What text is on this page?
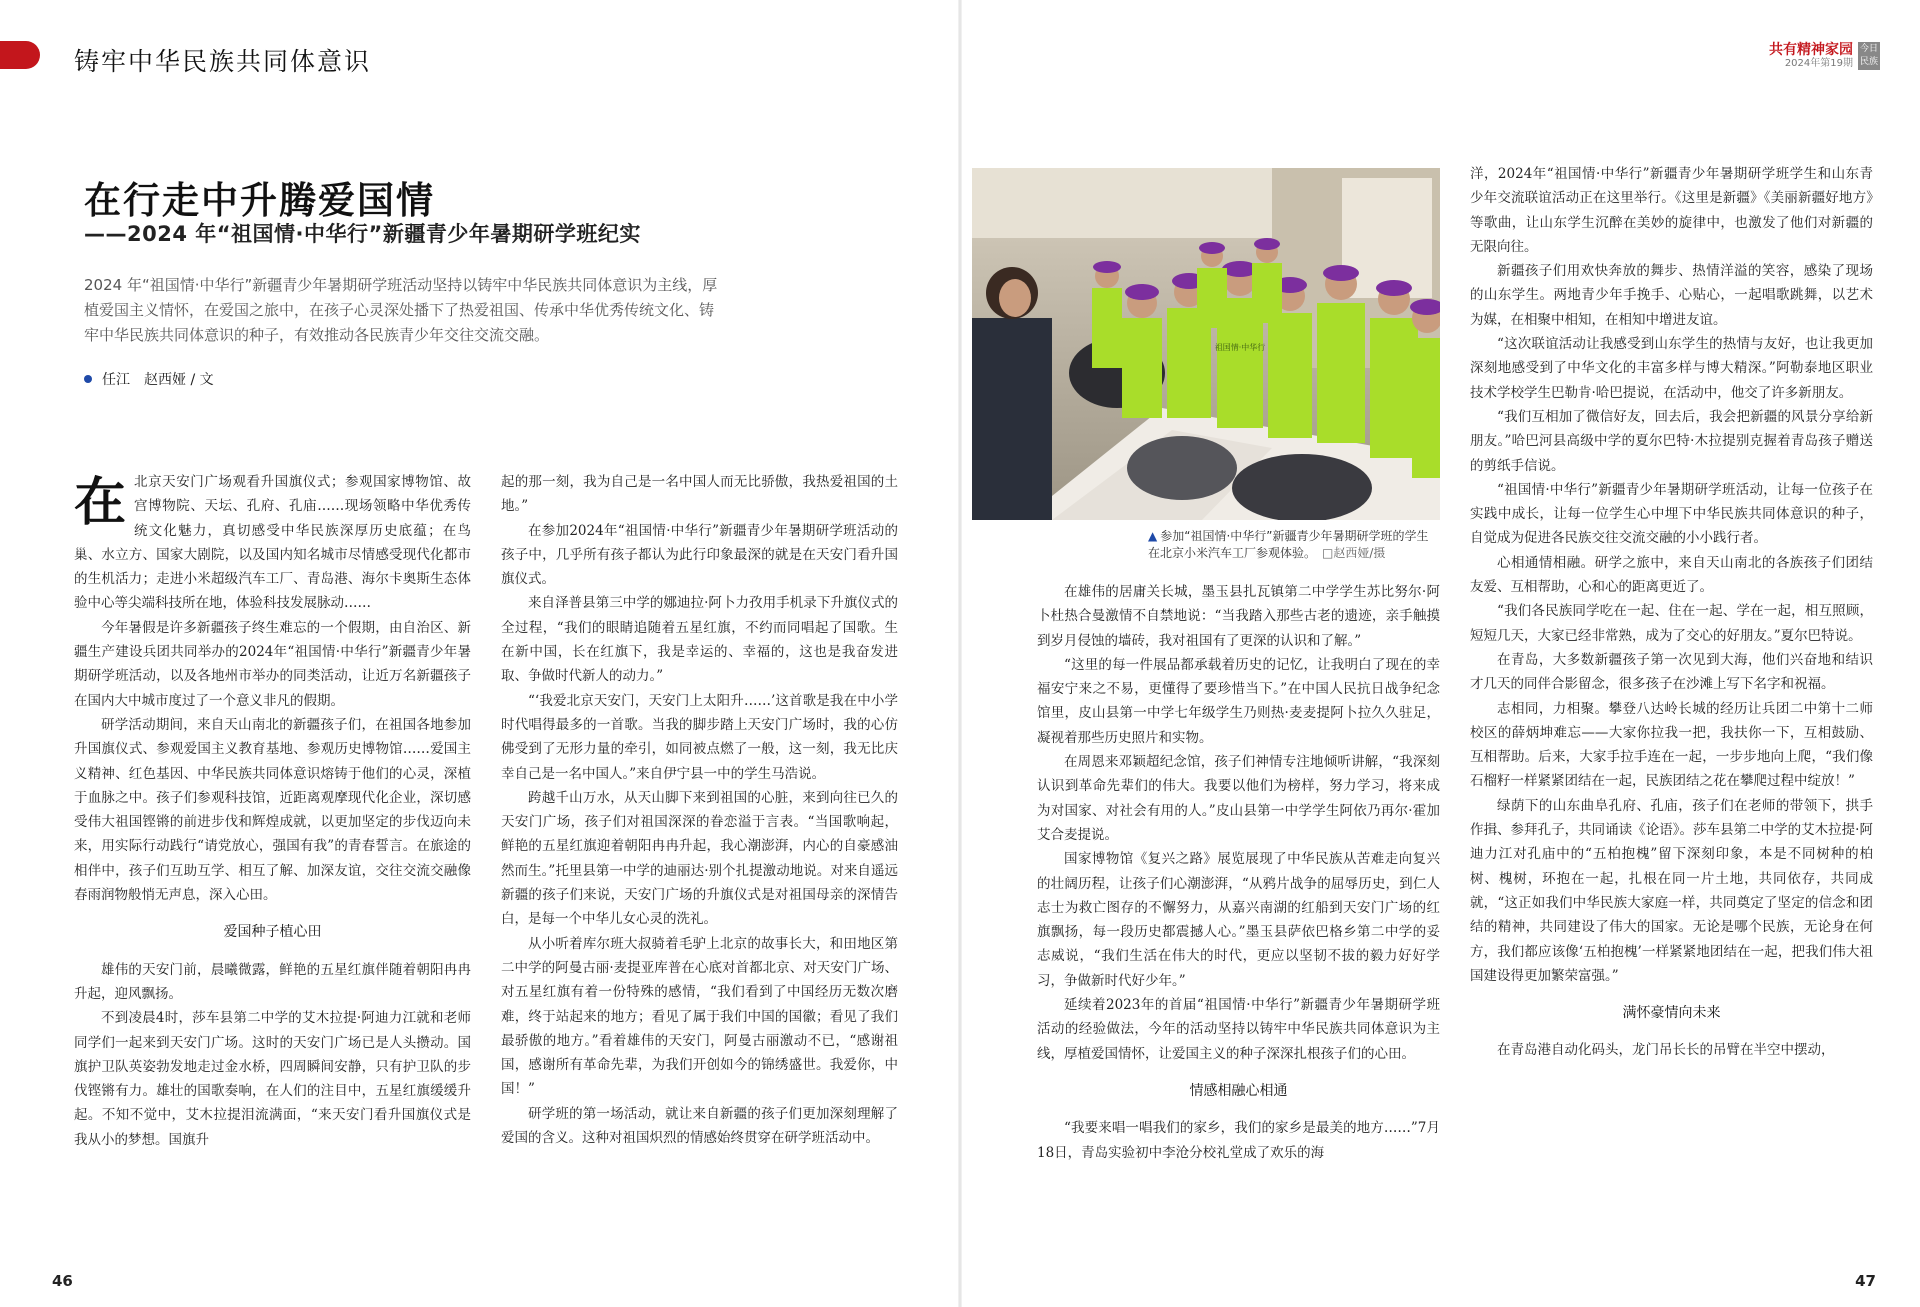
铸牢中华民族共同体意识	共有精神家园
2024年第19期
今日民族
在行走中升腾爱国情
——2024 年“祖国情·中华行”新疆青少年暑期研学班纪实

2024 年“祖国情·中华行”新疆青少年暑期研学班活动坚持以铸牢中华民族共同体意识为主线，厚植爱国主义情怀，在爱国之旅中，在孩子心灵深处播下了热爱祖国、传承中华优秀传统文化、铸牢中华民族共同体意识的种子，有效推动各民族青少年交往交流交融。

任江　赵西娅 / 文
在 北京天安门广场观看升国旗仪式；参观国家博物馆、故宫博物院、天坛、孔府、孔庙……现场领略中华优秀传统文化魅力，真切感受中华民族深厚历史底蕴；在鸟巢、水立方、国家大剧院，以及国内知名城市尽情感受现代化都市的生机活力；走进小米超级汽车工厂、青岛港、海尔卡奥斯生态体验中心等尖端科技所在地，体验科技发展脉动……

今年暑假是许多新疆孩子终生难忘的一个假期，由自治区、新疆生产建设兵团共同举办的2024年“祖国情·中华行”新疆青少年暑期研学班活动，以及各地州市举办的同类活动，让近万名新疆孩子在国内大中城市度过了一个意义非凡的假期。

研学活动期间，来自天山南北的新疆孩子们，在祖国各地参加升国旗仪式、参观爱国主义教育基地、参观历史博物馆……爱国主义精神、红色基因、中华民族共同体意识熔铸于他们的心灵，深植于血脉之中。孩子们参观科技馆，近距离观摩现代化企业，深切感受伟大祖国铿锵的前进步伐和辉煌成就，以更加坚定的步伐迈向未来，用实际行动践行“请党放心，强国有我”的青春誓言。在旅途的相伴中，孩子们互助互学、相互了解、加深友谊，交往交流交融像春雨润物般悄无声息，深入心田。

爱国种子植心田

雄伟的天安门前，晨曦微露，鲜艳的五星红旗伴随着朝阳冉冉升起，迎风飘扬。

不到凌晨4时，莎车县第二中学的艾木拉提·阿迪力江就和老师同学们一起来到天安门广场。这时的天安门广场已是人头攒动。国旗护卫队英姿勃发地走过金水桥，四周瞬间安静，只有护卫队的步伐铿锵有力。雄壮的国歌奏响，在人们的注目中，五星红旗缓缓升起。不知不觉中，艾木拉提泪流满面，“来天安门看升国旗仪式是我从小的梦想。国旗升

起的那一刻，我为自己是一名中国人而无比骄傲，我热爱祖国的土地。”

在参加2024年“祖国情·中华行”新疆青少年暑期研学班活动的孩子中，几乎所有孩子都认为此行印象最深的就是在天安门看升国旗仪式。

来自泽普县第三中学的娜迪拉·阿卜力孜用手机录下升旗仪式的全过程，“我们的眼睛追随着五星红旗，不约而同唱起了国歌。生在新中国，长在红旗下，我是幸运的、幸福的，这也是我奋发进取、争做时代新人的动力。”

“‘我爱北京天安门，天安门上太阳升……’这首歌是我在中小学时代唱得最多的一首歌。当我的脚步踏上天安门广场时，我的心仿佛受到了无形力量的牵引，如同被点燃了一般，这一刻，我无比庆幸自己是一名中国人。”来自伊宁县一中的学生马浩说。

跨越千山万水，从天山脚下来到祖国的心脏，来到向往已久的天安门广场，孩子们对祖国深深的眷恋溢于言表。“当国歌响起，鲜艳的五星红旗迎着朝阳冉冉升起，我心潮澎湃，内心的自豪感油然而生。”托里县第一中学的迪丽达·别个扎提激动地说。对来自遥远新疆的孩子们来说，天安门广场的升旗仪式是对祖国母亲的深情告白，是每一个中华儿女心灵的洗礼。

从小听着库尔班大叔骑着毛驴上北京的故事长大，和田地区第二中学的阿曼古丽·麦提亚库普在心底对首都北京、对天安门广场、对五星红旗有着一份特殊的感情，“我们看到了中国经历无数次磨难，终于站起来的地方；看见了属于我们中国的国徽；看见了我们最骄傲的地方。”看着雄伟的天安门，阿曼古丽激动不已，“感谢祖国，感谢所有革命先辈，为我们开创如今的锦绣盛世。我爱你，中国！”

研学班的第一场活动，就让来自新疆的孩子们更加深刻理解了爱国的含义。这种对祖国炽烈的情感始终贯穿在研学班活动中。

祖国情·中华行
▲ 参加“祖国情·中华行”新疆青少年暑期研学班的学生在北京小米汽车工厂参观体验。 □赵西娅/摄

在雄伟的居庸关长城，墨玉县扎瓦镇第二中学学生苏比努尔·阿卜杜热合曼激情不自禁地说：“当我踏入那些古老的遗迹，亲手触摸到岁月侵蚀的墙砖，我对祖国有了更深的认识和了解。”

“这里的每一件展品都承载着历史的记忆，让我明白了现在的幸福安宁来之不易，更懂得了要珍惜当下。”在中国人民抗日战争纪念馆里，皮山县第一中学七年级学生乃则热·麦麦提阿卜拉久久驻足，凝视着那些历史照片和实物。

在周恩来邓颖超纪念馆，孩子们神情专注地倾听讲解，“我深刻认识到革命先辈们的伟大。我要以他们为榜样，努力学习，将来成为对国家、对社会有用的人。”皮山县第一中学学生阿依乃再尔·霍加艾合麦提说。

国家博物馆《复兴之路》展览展现了中华民族从苦难走向复兴的壮阔历程，让孩子们心潮澎湃，“从鸦片战争的屈辱历史，到仁人志士为救亡图存的不懈努力，从嘉兴南湖的红船到天安门广场的红旗飘扬，每一段历史都震撼人心。”墨玉县萨依巴格乡第二中学的妥志威说，“我们生活在伟大的时代，更应以坚韧不拔的毅力好好学习，争做新时代好少年。”

延续着2023年的首届“祖国情·中华行”新疆青少年暑期研学班活动的经验做法，今年的活动坚持以铸牢中华民族共同体意识为主线，厚植爱国情怀，让爱国主义的种子深深扎根孩子们的心田。

情感相融心相通

“我要来唱一唱我们的家乡，我们的家乡是最美的地方……”7月18日，青岛实验初中李沧分校礼堂成了欢乐的海

洋，2024年“祖国情·中华行”新疆青少年暑期研学班学生和山东青少年交流联谊活动正在这里举行。《这里是新疆》《美丽新疆好地方》等歌曲，让山东学生沉醉在美妙的旋律中，也激发了他们对新疆的无限向往。

新疆孩子们用欢快奔放的舞步、热情洋溢的笑容，感染了现场的山东学生。两地青少年手挽手、心贴心，一起唱歌跳舞，以艺术为媒，在相聚中相知，在相知中增进友谊。

“这次联谊活动让我感受到山东学生的热情与友好，也让我更加深刻地感受到了中华文化的丰富多样与博大精深。”阿勒泰地区职业技术学校学生巴勒肯·哈巴提说，在活动中，他交了许多新朋友。

“我们互相加了微信好友，回去后，我会把新疆的风景分享给新朋友。”哈巴河县高级中学的夏尔巴特·木拉提别克握着青岛孩子赠送的剪纸手信说。

“祖国情·中华行”新疆青少年暑期研学班活动，让每一位孩子在实践中成长，让每一位学生心中埋下中华民族共同体意识的种子，自觉成为促进各民族交往交流交融的小小践行者。

心相通情相融。研学之旅中，来自天山南北的各族孩子们团结友爱、互相帮助，心和心的距离更近了。

“我们各民族同学吃在一起、住在一起、学在一起，相互照顾，短短几天，大家已经非常熟，成为了交心的好朋友。”夏尔巴特说。

在青岛，大多数新疆孩子第一次见到大海，他们兴奋地和结识才几天的同伴合影留念，很多孩子在沙滩上写下名字和祝福。

志相同，力相聚。攀登八达岭长城的经历让兵团二中第十二师校区的薛炳坤难忘——大家你拉我一把，我扶你一下，互相鼓励、互相帮助。后来，大家手拉手连在一起，一步步地向上爬，“我们像石榴籽一样紧紧团结在一起，民族团结之花在攀爬过程中绽放！”

绿荫下的山东曲阜孔府、孔庙，孩子们在老师的带领下，拱手作揖、参拜孔子，共同诵读《论语》。莎车县第二中学的艾木拉提·阿迪力江对孔庙中的“五柏抱槐”留下深刻印象，本是不同树种的柏树、槐树，环抱在一起，扎根在同一片土地，共同依存，共同成就，“这正如我们中华民族大家庭一样，共同奠定了坚定的信念和团结的精神，共同建设了伟大的国家。无论是哪个民族，无论身在何方，我们都应该像‘五柏抱槐’一样紧紧地团结在一起，把我们伟大祖国建设得更加繁荣富强。”

满怀豪情向未来

在青岛港自动化码头，龙门吊长长的吊臂在半空中摆动，

46	47
